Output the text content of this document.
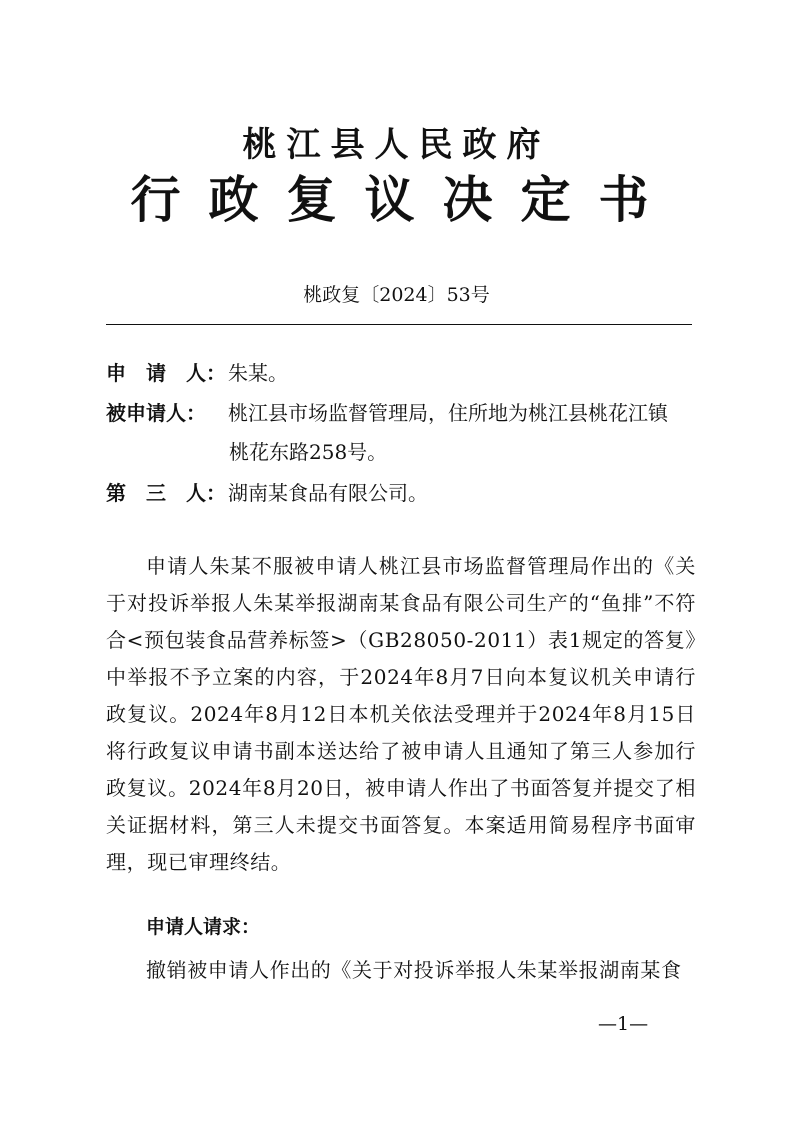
桃江县人民政府
行政复议决定书
桃政复〔2024〕53号
申　请　人： 朱某。
被申请人： 桃江县市场监督管理局，住所地为桃江县桃花江镇
桃花东路258号。
第　三　人： 湖南某食品有限公司。
申请人朱某不服被申请人桃江县市场监督管理局作出的《关于对投诉举报人朱某举报湖南某食品有限公司生产的“鱼排”不符合<预包装食品营养标签>（GB28050-2011）表1规定的答复》中举报不予立案的内容，于2024年8月7日向本复议机关申请行政复议。2024年8月12日本机关依法受理并于2024年8月15日将行政复议申请书副本送达给了被申请人且通知了第三人参加行政复议。2024年8月20日，被申请人作出了书面答复并提交了相关证据材料，第三人未提交书面答复。本案适用简易程序书面审理，现已审理终结。
申请人请求：
撤销被申请人作出的《关于对投诉举报人朱某举报湖南某食
—1—
